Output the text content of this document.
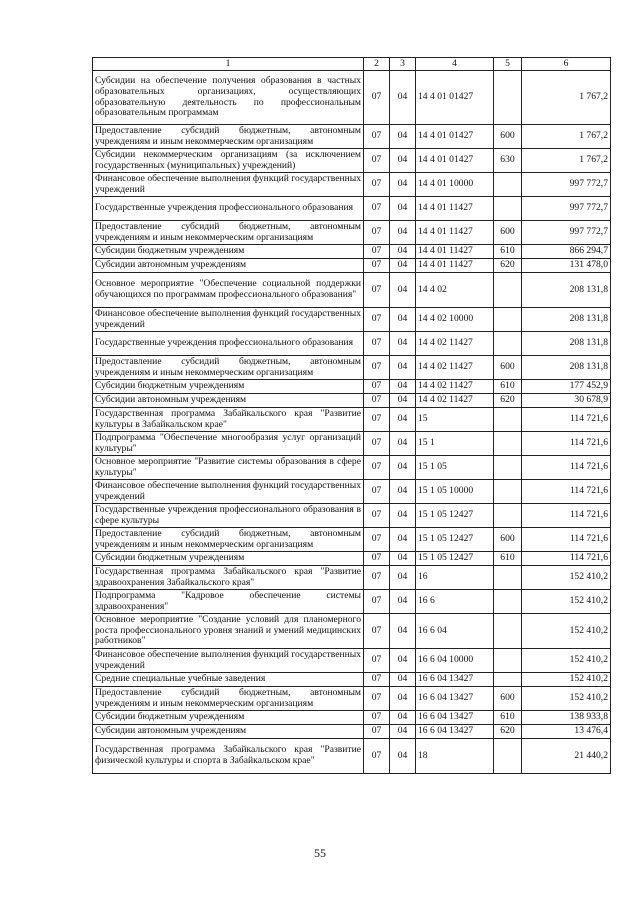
1	2	3	4	5	6
Субсидии на обеспечение получения образования в частных образовательных организациях, осуществляющих образовательную деятельность по профессиональным образовательным программам	07	04	14 4 01 01427		1 767,2
Предоставление субсидий бюджетным, автономным учреждениям и иным некоммерческим организациям	07	04	14 4 01 01427	600	1 767,2
Субсидии некоммерческим организациям (за исключением государственных (муниципальных) учреждений)	07	04	14 4 01 01427	630	1 767,2
Финансовое обеспечение выполнения функций государственных учреждений	07	04	14 4 01 10000		997 772,7
Государственные учреждения профессионального образования	07	04	14 4 01 11427		997 772,7
Предоставление субсидий бюджетным, автономным учреждениям и иным некоммерческим организациям	07	04	14 4 01 11427	600	997 772,7
Субсидии бюджетным учреждениям	07	04	14 4 01 11427	610	866 294,7
Субсидии автономным учреждениям	07	04	14 4 01 11427	620	131 478,0
Основное мероприятие "Обеспечение социальной поддержки обучающихся по программам профессионального образования"	07	04	14 4 02		208 131,8
Финансовое обеспечение выполнения функций государственных учреждений	07	04	14 4 02 10000		208 131,8
Государственные учреждения профессионального образования	07	04	14 4 02 11427		208 131,8
Предоставление субсидий бюджетным, автономным учреждениям и иным некоммерческим организациям	07	04	14 4 02 11427	600	208 131,8
Субсидии бюджетным учреждениям	07	04	14 4 02 11427	610	177 452,9
Субсидии автономным учреждениям	07	04	14 4 02 11427	620	30 678,9
Государственная программа Забайкальского края "Развитие культуры в Забайкальском крае"	07	04	15		114 721,6
Подпрограмма "Обеспечение многообразия услуг организаций культуры"	07	04	15 1		114 721,6
Основное мероприятие "Развитие системы образования в сфере культуры"	07	04	15 1 05		114 721,6
Финансовое обеспечение выполнения функций государственных учреждений	07	04	15 1 05 10000		114 721,6
Государственные учреждения профессионального образования в сфере культуры	07	04	15 1 05 12427		114 721,6
Предоставление субсидий бюджетным, автономным учреждениям и иным некоммерческим организациям	07	04	15 1 05 12427	600	114 721,6
Субсидии бюджетным учреждениям	07	04	15 1 05 12427	610	114 721,6
Государственная программа Забайкальского края "Развитие здравоохранения Забайкальского края"	07	04	16		152 410,2
Подпрограмма "Кадровое обеспечение системы здравоохранения"	07	04	16 6		152 410,2
Основное мероприятие "Создание условий для планомерного роста профессионального уровня знаний и умений медицинских работников"	07	04	16 6 04		152 410,2
Финансовое обеспечение выполнения функций государственных учреждений	07	04	16 6 04 10000		152 410,2
Средние специальные учебные заведения	07	04	16 6 04 13427		152 410,2
Предоставление субсидий бюджетным, автономным учреждениям и иным некоммерческим организациям	07	04	16 6 04 13427	600	152 410,2
Субсидии бюджетным учреждениям	07	04	16 6 04 13427	610	138 933,8
Субсидии автономным учреждениям	07	04	16 6 04 13427	620	13 476,4
Государственная программа Забайкальского края "Развитие физической культуры и спорта в Забайкальском крае"	07	04	18		21 440,2
55
